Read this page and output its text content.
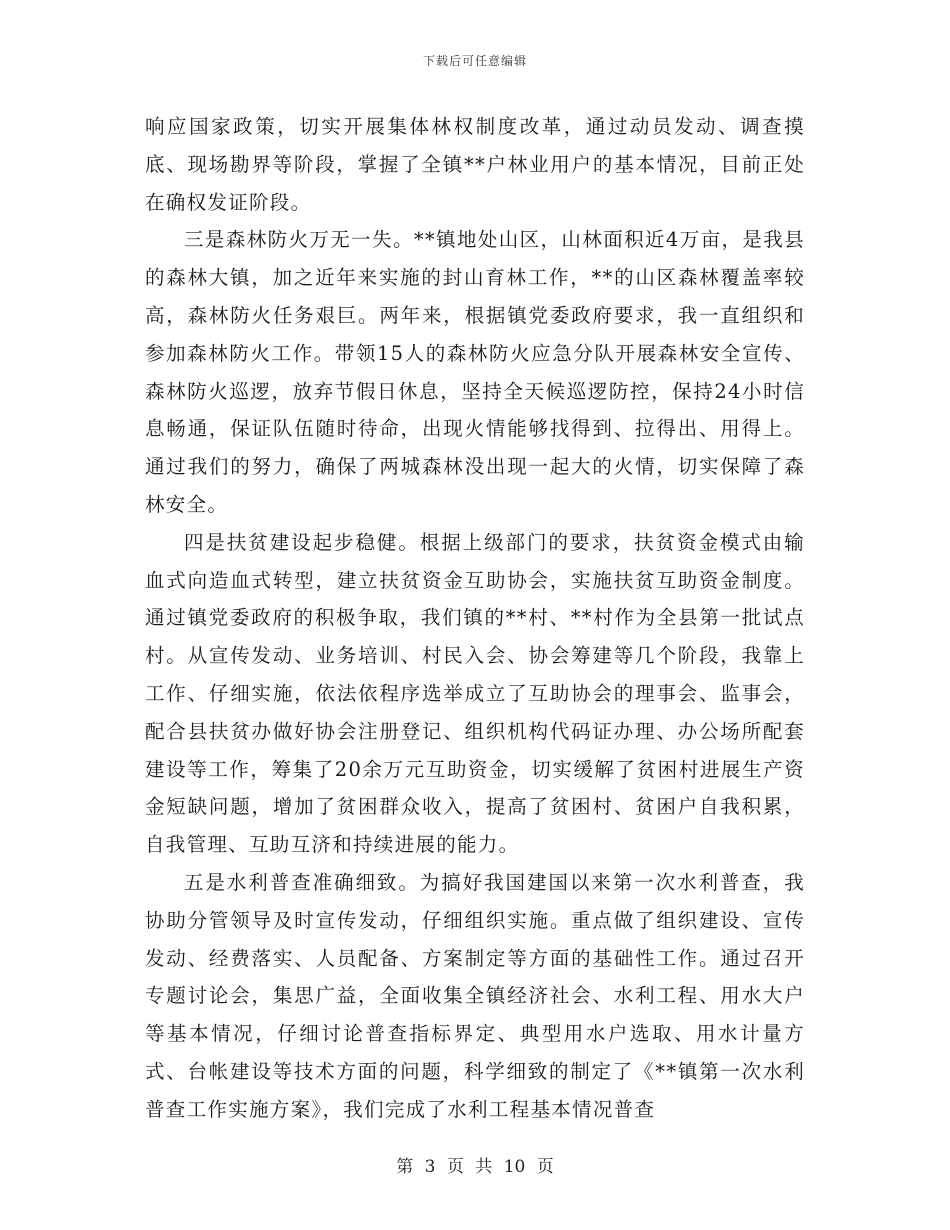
下载后可任意编辑

响应国家政策，切实开展集体林权制度改革，通过动员发动、调查摸底、现场勘界等阶段，掌握了全镇**户林业用户的基本情况，目前正处在确权发证阶段。

三是森林防火万无一失。**镇地处山区，山林面积近4万亩，是我县的森林大镇，加之近年来实施的封山育林工作，**的山区森林覆盖率较高，森林防火任务艰巨。两年来，根据镇党委政府要求，我一直组织和参加森林防火工作。带领15人的森林防火应急分队开展森林安全宣传、森林防火巡逻，放弃节假日休息，坚持全天候巡逻防控，保持24小时信息畅通，保证队伍随时待命，出现火情能够找得到、拉得出、用得上。通过我们的努力，确保了两城森林没出现一起大的火情，切实保障了森林安全。

四是扶贫建设起步稳健。根据上级部门的要求，扶贫资金模式由输血式向造血式转型，建立扶贫资金互助协会，实施扶贫互助资金制度。通过镇党委政府的积极争取，我们镇的**村、**村作为全县第一批试点村。从宣传发动、业务培训、村民入会、协会筹建等几个阶段，我靠上工作、仔细实施，依法依程序选举成立了互助协会的理事会、监事会，配合县扶贫办做好协会注册登记、组织机构代码证办理、办公场所配套建设等工作，筹集了20余万元互助资金，切实缓解了贫困村进展生产资金短缺问题，增加了贫困群众收入，提高了贫困村、贫困户自我积累，自我管理、互助互济和持续进展的能力。

五是水利普查准确细致。为搞好我国建国以来第一次水利普查，我协助分管领导及时宣传发动，仔细组织实施。重点做了组织建设、宣传发动、经费落实、人员配备、方案制定等方面的基础性工作。通过召开专题讨论会，集思广益，全面收集全镇经济社会、水利工程、用水大户等基本情况，仔细讨论普查指标界定、典型用水户选取、用水计量方式、台帐建设等技术方面的问题，科学细致的制定了《**镇第一次水利普查工作实施方案》，我们完成了水利工程基本情况普查

第 3 页 共 10 页
